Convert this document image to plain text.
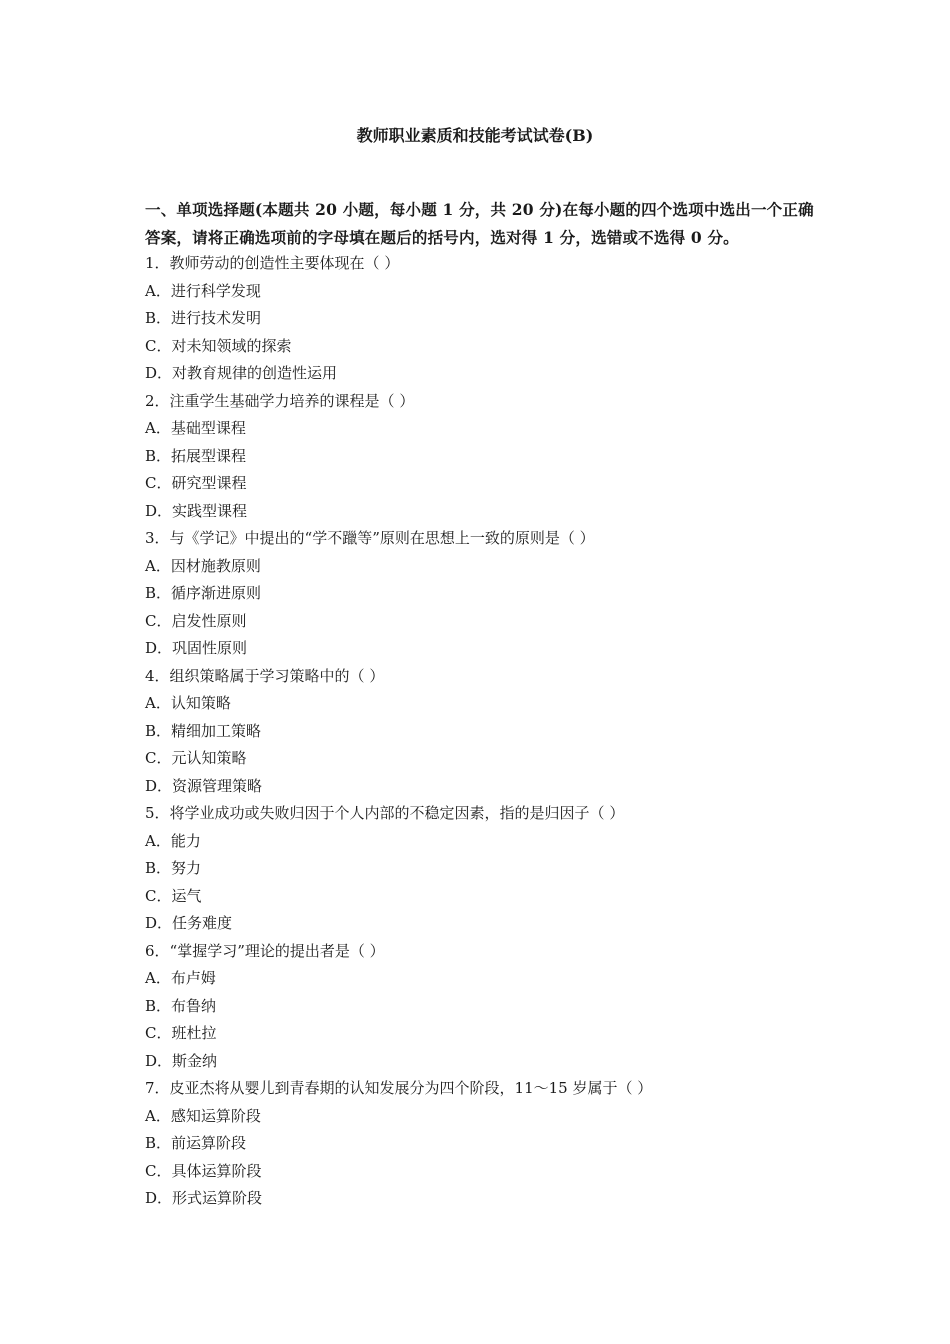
教师职业素质和技能考试试卷(B)
一、单项选择题(本题共 20 小题，每小题 1 分，共 20 分)在每小题的四个选项中选出一个正确答案，请将正确选项前的字母填在题后的括号内，选对得 1 分，选错或不选得 0 分。
1．教师劳动的创造性主要体现在（ ）
A．进行科学发现
B．进行技术发明
C．对未知领域的探索
D．对教育规律的创造性运用
2．注重学生基础学力培养的课程是（ ）
A．基础型课程
B．拓展型课程
C．研究型课程
D．实践型课程
3．与《学记》中提出的“学不躐等”原则在思想上一致的原则是（ ）
A．因材施教原则
B．循序渐进原则
C．启发性原则
D．巩固性原则
4．组织策略属于学习策略中的（ ）
A．认知策略
B．精细加工策略
C．元认知策略
D．资源管理策略
5．将学业成功或失败归因于个人内部的不稳定因素，指的是归因子（ ）
A．能力
B．努力
C．运气
D．任务难度
6．“掌握学习”理论的提出者是（ ）
A．布卢姆
B．布鲁纳
C．班杜拉
D．斯金纳
7．皮亚杰将从婴儿到青春期的认知发展分为四个阶段，11～15 岁属于（ ）
A．感知运算阶段
B．前运算阶段
C．具体运算阶段
D．形式运算阶段
